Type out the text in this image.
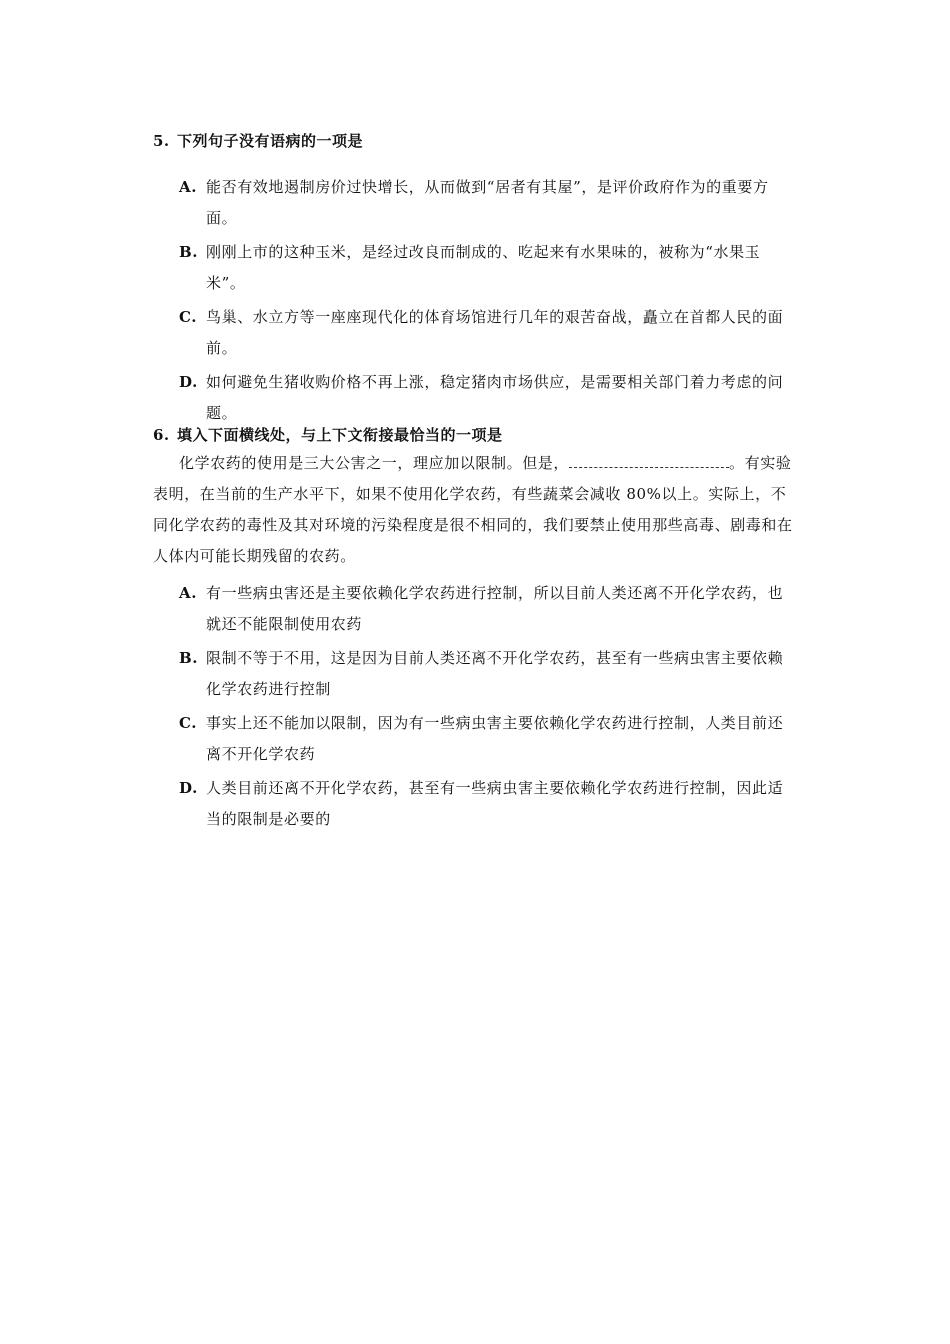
5. 下列句子没有语病的一项是
A. 能否有效地遏制房价过快增长，从而做到“居者有其屋”，是评价政府作为的重要方面。
B. 刚刚上市的这种玉米，是经过改良而制成的、吃起来有水果味的，被称为“水果玉米”。
C. 鸟巢、水立方等一座座现代化的体育场馆进行几年的艰苦奋战，矗立在首都人民的面前。
D. 如何避免生猪收购价格不再上涨，稳定猪肉市场供应，是需要相关部门着力考虑的问题。
6. 填入下面横线处，与上下文衔接最恰当的一项是
化学农药的使用是三大公害之一，理应加以限制。但是，	。有实验表明，在当前的生产水平下，如果不使用化学农药，有些蔬菜会减收 80%以上。实际上，不同化学农药的毒性及其对环境的污染程度是很不相同的，我们要禁止使用那些高毒、剧毒和在人体内可能长期残留的农药。
A. 有一些病虫害还是主要依赖化学农药进行控制，所以目前人类还离不开化学农药，也就还不能限制使用农药
B. 限制不等于不用，这是因为目前人类还离不开化学农药，甚至有一些病虫害主要依赖化学农药进行控制
C. 事实上还不能加以限制，因为有一些病虫害主要依赖化学农药进行控制，人类目前还离不开化学农药
D. 人类目前还离不开化学农药，甚至有一些病虫害主要依赖化学农药进行控制，因此适当的限制是必要的
